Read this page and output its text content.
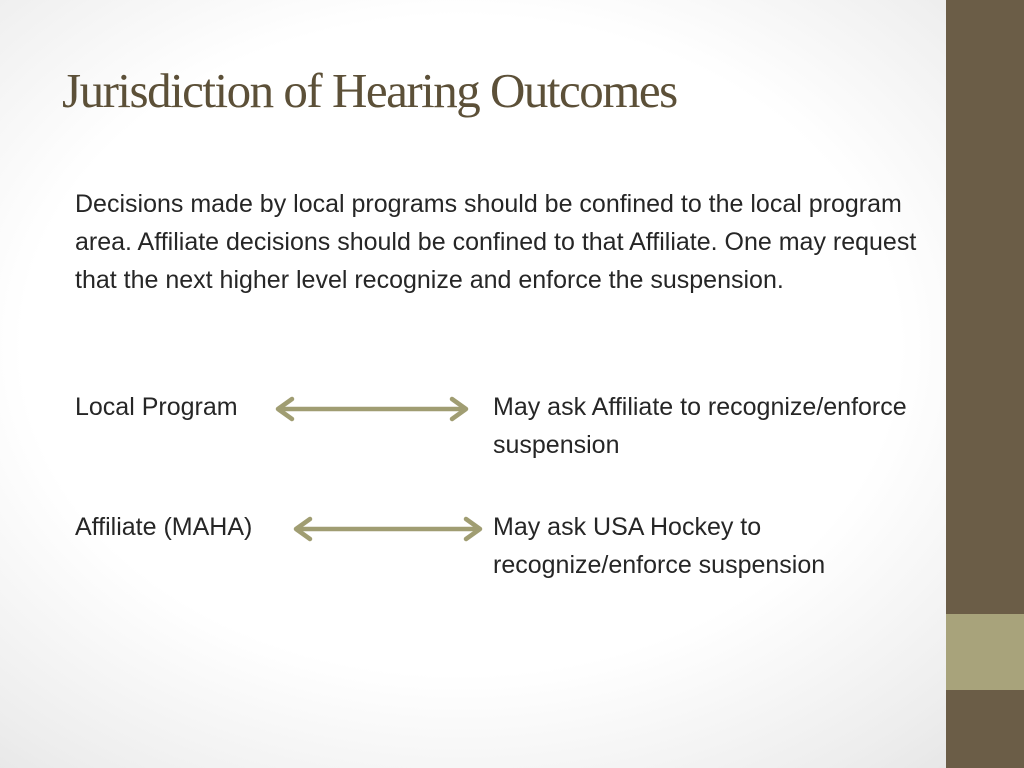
Jurisdiction of Hearing Outcomes

Decisions made by local programs should be confined to the local program area. Affiliate decisions should be confined to that Affiliate. One may request that the next higher level recognize and enforce the suspension.

Local Program	May ask Affiliate to recognize/enforce suspension
Affiliate (MAHA)	May ask USA Hockey to recognize/enforce suspension
